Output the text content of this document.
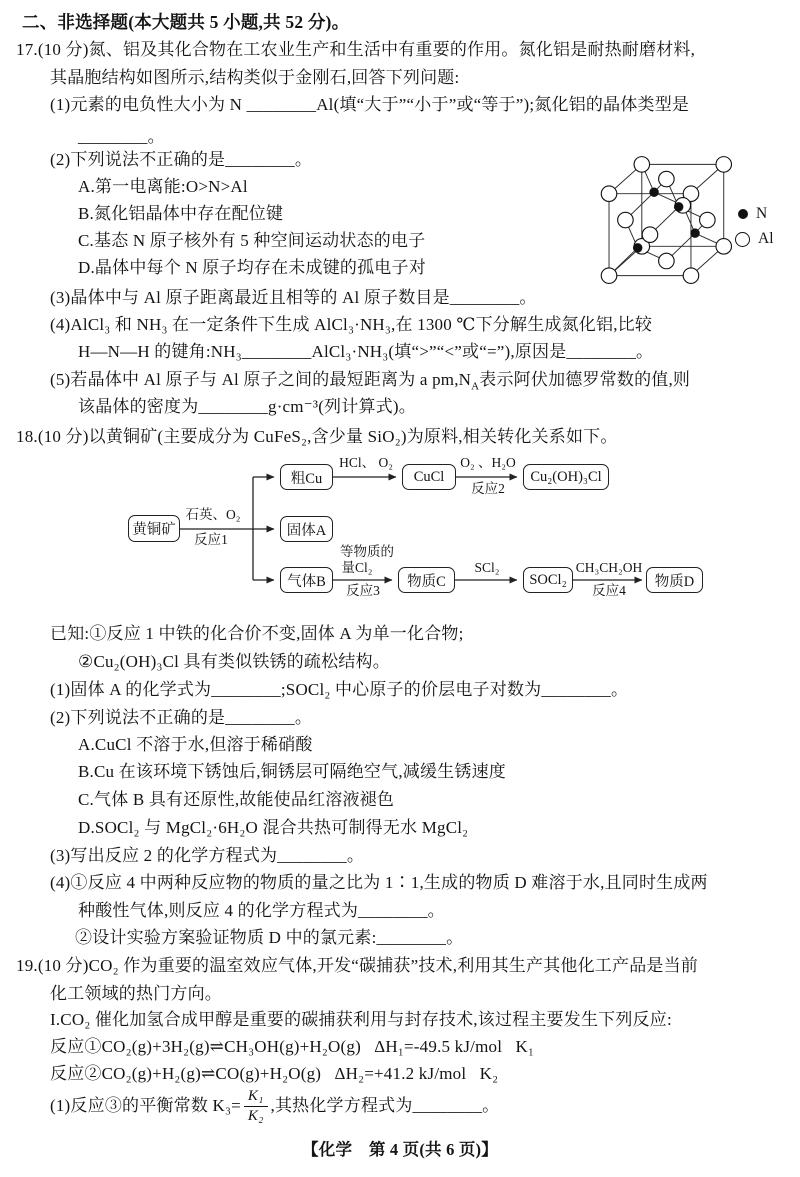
二、非选择题(本大题共 5 小题,共 52 分)。
17.(10 分)氮、铝及其化合物在工农业生产和生活中有重要的作用。氮化铝是耐热耐磨材料,
其晶胞结构如图所示,结构类似于金刚石,回答下列问题:
(1)元素的电负性大小为 N ________Al(填“大于”“小于”或“等于”);氮化铝的晶体类型是
________。
(2)下列说法不正确的是________。
A.第一电离能:O>N>Al
B.氮化铝晶体中存在配位键
C.基态 N 原子核外有 5 种空间运动状态的电子
D.晶体中每个 N 原子均存在未成键的孤电子对
(3)晶体中与 Al 原子距离最近且相等的 Al 原子数目是________。
(4)AlCl₃ 和 NH₃ 在一定条件下生成 AlCl₃·NH₃,在 1300 ℃下分解生成氮化铝,比较
H—N—H 的键角:NH₃________AlCl₃·NH₃(填“>”“<”或“=”),原因是________。
(5)若晶体中 Al 原子与 Al 原子之间的最短距离为 a $pm,N_A$表示阿伏加德罗常数的值,则
该晶体的密度为________g·cm⁻³(列计算式)。
N
Al
18.(10 分)以黄铜矿(主要成分为 CuFeS₂,含少量 SiO₂)为原料,相关转化关系如下。
黄铜矿
粗Cu	CuCl	Cu₂(OH)₃Cl
固体A
气体B	物质C	SOCl₂	物质D
石英、O₂
反应1
HCl、 O₂	O₂ 、H₂O
反应2
等物质的
量Cl₂
反应3
SCl₂	CH₃CH₂OH
反应4
已知:①反应 1 中铁的化合价不变,固体 A 为单一化合物;
②Cu₂(OH)₃Cl 具有类似铁锈的疏松结构。
(1)固体 A 的化学式为________;SOCl₂ 中心原子的价层电子对数为________。
(2)下列说法不正确的是________。
A.CuCl 不溶于水,但溶于稀硝酸
B.Cu 在该环境下锈蚀后,铜锈层可隔绝空气,减缓生锈速度
C.气体 B 具有还原性,故能使品红溶液褪色
D.SOCl₂ 与 MgCl₂·6H₂O 混合共热可制得无水 MgCl₂
(3)写出反应 2 的化学方程式为________。
(4)①反应 4 中两种反应物的物质的量之比为 1∶1,生成的物质 D 难溶于水,且同时生成两
种酸性气体,则反应 4 的化学方程式为________。
②设计实验方案验证物质 D 中的氯元素:________。
19.(10 分)CO₂ 作为重要的温室效应气体,开发“碳捕获”技术,利用其生产其他化工产品是当前
化工领域的热门方向。
I.CO₂ 催化加氢合成甲醇是重要的碳捕获利用与封存技术,该过程主要发生下列反应:
反应①CO₂(g)+3H₂(g)⇌CH₃OH(g)+H₂O(g)   ΔH₁=-49.5 kJ/mol   K₁
反应②CO₂(g)+H₂(g)⇌CO(g)+H₂O(g)   ΔH₂=+41.2 kJ/mol   K₂
(1)反应③的平衡常数 $K_3= \frac{\text{K₁}}{\text{K₂}}$ ,其热化学方程式为________。
【化学　第 4 页(共 6 页)】
